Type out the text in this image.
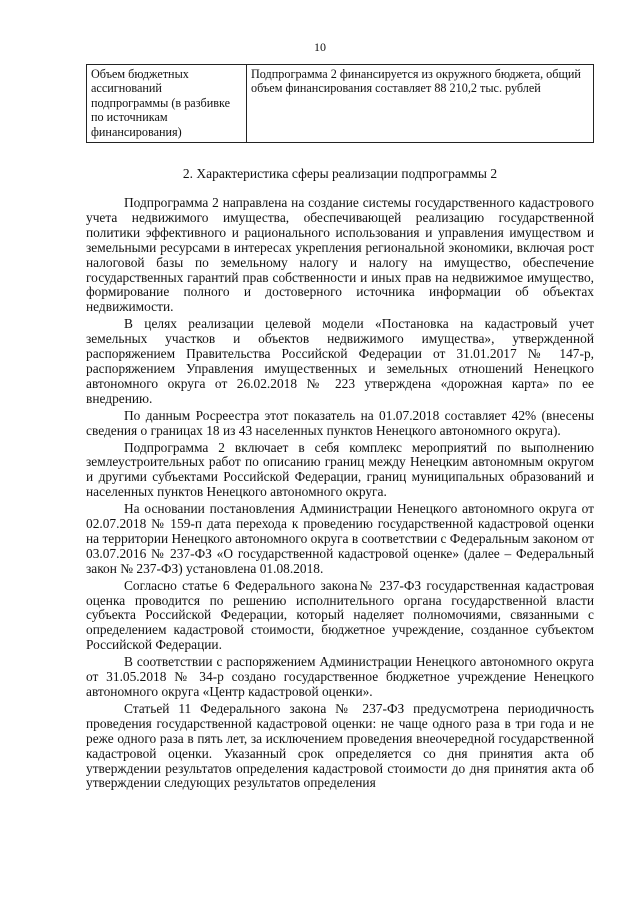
10
Объем бюджетных ассигнований подпрограммы (в разбивке по источникам финансирования)	Подпрограмма 2 финансируется из окружного бюджета, общий объем финансирования составляет 88 210,2 тыс. рублей
2. Характеристика сферы реализации подпрограммы 2

Подпрограмма 2 направлена на создание системы государственного кадастрового учета недвижимого имущества, обеспечивающей реализацию государственной политики эффективного и рационального использования и управления имуществом и земельными ресурсами в интересах укрепления региональной экономики, включая рост налоговой базы по земельному налогу и налогу на имущество, обеспечение государственных гарантий прав собственности и иных прав на недвижимое имущество, формирование полного и достоверного источника информации об объектах недвижимости.

В целях реализации целевой модели «Постановка на кадастровый учет земельных участков и объектов недвижимого имущества», утвержденной распоряжением Правительства Российской Федерации от 31.01.2017 № 147-р, распоряжением Управления имущественных и земельных отношений Ненецкого автономного округа от 26.02.2018 № 223 утверждена «дорожная карта» по ее внедрению.

По данным Росреестра этот показатель на 01.07.2018 составляет 42% (внесены сведения о границах 18 из 43 населенных пунктов Ненецкого автономного округа).

Подпрограмма 2 включает в себя комплекс мероприятий по выполнению землеустроительных работ по описанию границ между Ненецким автономным округом и другими субъектами Российской Федерации, границ муниципальных образований и населенных пунктов Ненецкого автономного округа.

На основании постановления Администрации Ненецкого автономного округа от 02.07.2018 № 159-п дата перехода к проведению государственной кадастровой оценки на территории Ненецкого автономного округа в соответствии с Федеральным законом от 03.07.2016 № 237-ФЗ «О государственной кадастровой оценке» (далее – Федеральный закон № 237-ФЗ) установлена 01.08.2018.

Согласно статье 6 Федерального закона№ 237-ФЗ государственная кадастровая оценка проводится по решению исполнительного органа государственной власти субъекта Российской Федерации, который наделяет полномочиями, связанными с определением кадастровой стоимости, бюджетное учреждение, созданное субъектом Российской Федерации.

В соответствии с распоряжением Администрации Ненецкого автономного округа от 31.05.2018 № 34-р создано государственное бюджетное учреждение Ненецкого автономного округа «Центр кадастровой оценки».

Статьей 11 Федерального закона № 237-ФЗ предусмотрена периодичность проведения государственной кадастровой оценки: не чаще одного раза в три года и не реже одного раза в пять лет, за исключением проведения внеочередной государственной кадастровой оценки. Указанный срок определяется со дня принятия акта об утверждении результатов определения кадастровой стоимости до дня принятия акта об утверждении следующих результатов определения
